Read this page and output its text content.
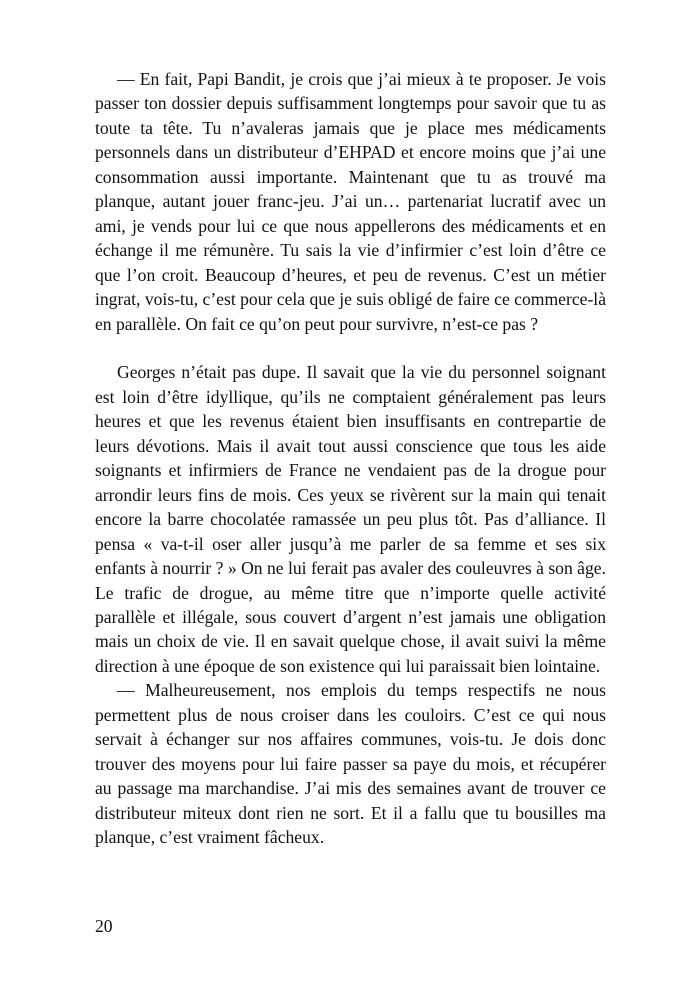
— En fait, Papi Bandit, je crois que j’ai mieux à te proposer. Je vois passer ton dossier depuis suffisamment longtemps pour savoir que tu as toute ta tête. Tu n’avaleras jamais que je place mes médicaments personnels dans un distributeur d’EHPAD et encore moins que j’ai une consommation aussi importante. Maintenant que tu as trouvé ma planque, autant jouer franc-jeu. J’ai un… partenariat lucratif avec un ami, je vends pour lui ce que nous appellerons des médicaments et en échange il me rémunère. Tu sais la vie d’infirmier c’est loin d’être ce que l’on croit. Beaucoup d’heures, et peu de revenus. C’est un métier ingrat, vois-tu, c’est pour cela que je suis obligé de faire ce commerce-là en parallèle. On fait ce qu’on peut pour survivre, n’est-ce pas ?

Georges n’était pas dupe. Il savait que la vie du personnel soignant est loin d’être idyllique, qu’ils ne comptaient généralement pas leurs heures et que les revenus étaient bien insuffisants en contrepartie de leurs dévotions. Mais il avait tout aussi conscience que tous les aide soignants et infirmiers de France ne vendaient pas de la drogue pour arrondir leurs fins de mois. Ces yeux se rivèrent sur la main qui tenait encore la barre chocolatée ramassée un peu plus tôt. Pas d’alliance. Il pensa « va-t-il oser aller jusqu’à me parler de sa femme et ses six enfants à nourrir ? » On ne lui ferait pas avaler des couleuvres à son âge. Le trafic de drogue, au même titre que n’importe quelle activité parallèle et illégale, sous couvert d’argent n’est jamais une obligation mais un choix de vie. Il en savait quelque chose, il avait suivi la même direction à une époque de son existence qui lui paraissait bien lointaine.

— Malheureusement, nos emplois du temps respectifs ne nous permettent plus de nous croiser dans les couloirs. C’est ce qui nous servait à échanger sur nos affaires communes, vois-tu. Je dois donc trouver des moyens pour lui faire passer sa paye du mois, et récupérer au passage ma marchandise. J’ai mis des semaines avant de trouver ce distributeur miteux dont rien ne sort. Et il a fallu que tu bousilles ma planque, c’est vraiment fâcheux.

20
